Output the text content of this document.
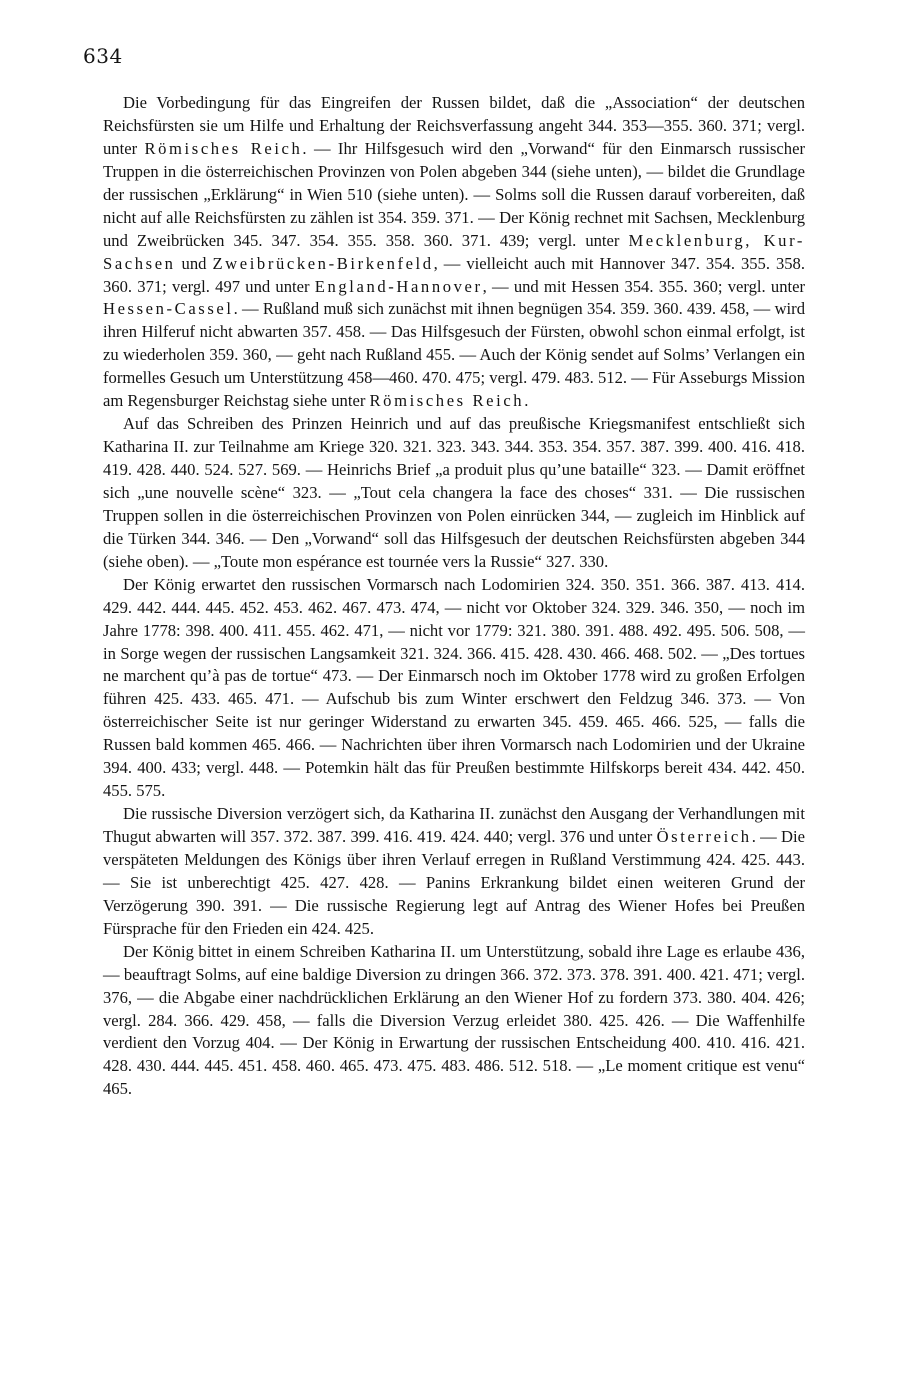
634

Die Vorbedingung für das Eingreifen der Russen bildet, daß die „Association“ der deutschen Reichsfürsten sie um Hilfe und Erhaltung der Reichsverfassung angeht 344. 353—355. 360. 371; vergl. unter Römisches Reich. — Ihr Hilfsgesuch wird den „Vorwand“ für den Einmarsch russischer Truppen in die österreichischen Provinzen von Polen abgeben 344 (siehe unten), — bildet die Grundlage der russischen „Erklärung“ in Wien 510 (siehe unten). — Solms soll die Russen darauf vorbereiten, daß nicht auf alle Reichsfürsten zu zählen ist 354. 359. 371. — Der König rechnet mit Sachsen, Mecklenburg und Zweibrücken 345. 347. 354. 355. 358. 360. 371. 439; vergl. unter Mecklenburg, Kur-Sachsen und Zweibrücken-Birkenfeld, — vielleicht auch mit Hannover 347. 354. 355. 358. 360. 371; vergl. 497 und unter England-Hannover, — und mit Hessen 354. 355. 360; vergl. unter Hessen-Cassel. — Rußland muß sich zunächst mit ihnen begnügen 354. 359. 360. 439. 458, — wird ihren Hilferuf nicht abwarten 357. 458. — Das Hilfsgesuch der Fürsten, obwohl schon einmal erfolgt, ist zu wiederholen 359. 360, — geht nach Rußland 455. — Auch der König sendet auf Solms’ Verlangen ein formelles Gesuch um Unterstützung 458—460. 470. 475; vergl. 479. 483. 512. — Für Asseburgs Mission am Regensburger Reichstag siehe unter Römisches Reich.

Auf das Schreiben des Prinzen Heinrich und auf das preußische Kriegsmanifest entschließt sich Katharina II. zur Teilnahme am Kriege 320. 321. 323. 343. 344. 353. 354. 357. 387. 399. 400. 416. 418. 419. 428. 440. 524. 527. 569. — Heinrichs Brief „a produit plus qu’une bataille“ 323. — Damit eröffnet sich „une nouvelle scène“ 323. — „Tout cela changera la face des choses“ 331. — Die russischen Truppen sollen in die österreichischen Provinzen von Polen einrücken 344, — zugleich im Hinblick auf die Türken 344. 346. — Den „Vorwand“ soll das Hilfsgesuch der deutschen Reichsfürsten abgeben 344 (siehe oben). — „Toute mon espérance est tournée vers la Russie“ 327. 330.

Der König erwartet den russischen Vormarsch nach Lodomirien 324. 350. 351. 366. 387. 413. 414. 429. 442. 444. 445. 452. 453. 462. 467. 473. 474, — nicht vor Oktober 324. 329. 346. 350, — noch im Jahre 1778: 398. 400. 411. 455. 462. 471, — nicht vor 1779: 321. 380. 391. 488. 492. 495. 506. 508, — in Sorge wegen der russischen Langsamkeit 321. 324. 366. 415. 428. 430. 466. 468. 502. — „Des tortues ne marchent qu’à pas de tortue“ 473. — Der Einmarsch noch im Oktober 1778 wird zu großen Erfolgen führen 425. 433. 465. 471. — Aufschub bis zum Winter erschwert den Feldzug 346. 373. — Von österreichischer Seite ist nur geringer Widerstand zu erwarten 345. 459. 465. 466. 525, — falls die Russen bald kommen 465. 466. — Nachrichten über ihren Vormarsch nach Lodomirien und der Ukraine 394. 400. 433; vergl. 448. — Potemkin hält das für Preußen bestimmte Hilfskorps bereit 434. 442. 450. 455. 575.

Die russische Diversion verzögert sich, da Katharina II. zunächst den Ausgang der Verhandlungen mit Thugut abwarten will 357. 372. 387. 399. 416. 419. 424. 440; vergl. 376 und unter Österreich. — Die verspäteten Meldungen des Königs über ihren Verlauf erregen in Rußland Verstimmung 424. 425. 443. — Sie ist unberechtigt 425. 427. 428. — Panins Erkrankung bildet einen weiteren Grund der Verzögerung 390. 391. — Die russische Regierung legt auf Antrag des Wiener Hofes bei Preußen Fürsprache für den Frieden ein 424. 425.

Der König bittet in einem Schreiben Katharina II. um Unterstützung, sobald ihre Lage es erlaube 436, — beauftragt Solms, auf eine baldige Diversion zu dringen 366. 372. 373. 378. 391. 400. 421. 471; vergl. 376, — die Abgabe einer nachdrücklichen Erklärung an den Wiener Hof zu fordern 373. 380. 404. 426; vergl. 284. 366. 429. 458, — falls die Diversion Verzug erleidet 380. 425. 426. — Die Waffenhilfe verdient den Vorzug 404. — Der König in Erwartung der russischen Entscheidung 400. 410. 416. 421. 428. 430. 444. 445. 451. 458. 460. 465. 473. 475. 483. 486. 512. 518. — „Le moment critique est venu“ 465.
